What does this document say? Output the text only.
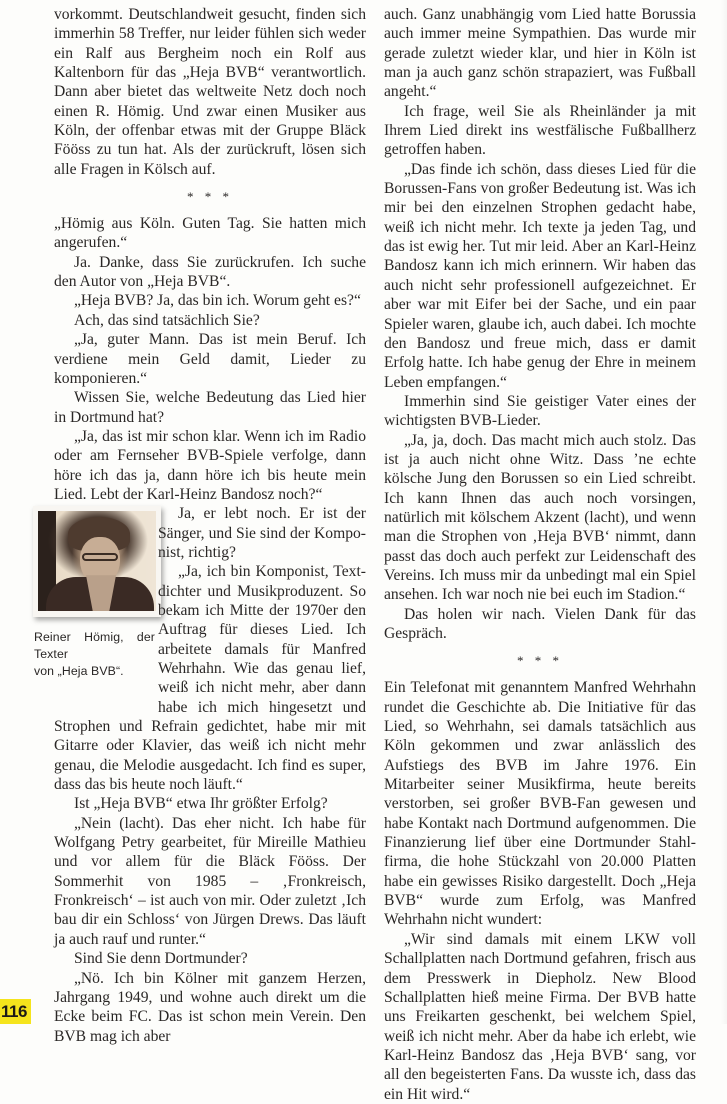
vorkommt. Deutschlandweit gesucht, finden sich immerhin 58 Treffer, nur leider fühlen sich weder ein Ralf aus Bergheim noch ein Rolf aus Kaltenborn für das „Heja BVB“ verantwortlich. Dann aber bietet das weltweite Netz doch noch einen R. Hömig. Und zwar einen Musiker aus Köln, der offenbar etwas mit der Gruppe Bläck Fööss zu tun hat. Als der zurückruft, lösen sich alle Fragen in Kölsch auf.

* * *

„Hömig aus Köln. Guten Tag. Sie hatten mich angerufen.“

Ja. Danke, dass Sie zurückrufen. Ich suche den Autor von „Heja BVB“.

„Heja BVB? Ja, das bin ich. Worum geht es?“

Ach, das sind tatsächlich Sie?

„Ja, guter Mann. Das ist mein Beruf. Ich verdiene mein Geld damit, Lieder zu komponieren.“

Wissen Sie, welche Bedeutung das Lied hier in Dortmund hat?

„Ja, das ist mir schon klar. Wenn ich im Radio oder am Fernseher BVB-Spiele verfolge, dann höre ich das ja, dann höre ich bis heute mein Lied. Lebt der Karl-Heinz Bandosz noch?“

Reiner Hömig, der Texter
von „Heja BVB“.

Ja, er lebt noch. Er ist der Sänger, und Sie sind der Komponist, richtig?

„Ja, ich bin Komponist, Textdichter und Musikproduzent. So bekam ich Mitte der 1970er den Auftrag für dieses Lied. Ich arbeitete damals für Manfred Wehrhahn. Wie das genau lief, weiß ich nicht mehr, aber dann habe ich mich hingesetzt und Strophen und Refrain gedichtet, habe mir mit Gitarre oder Klavier, das weiß ich nicht mehr genau, die Melodie ausgedacht. Ich find es super, dass das bis heute noch läuft.“

Ist „Heja BVB“ etwa Ihr größter Erfolg?

„Nein (lacht). Das eher nicht. Ich habe für Wolfgang Petry gearbeitet, für Mireille Mathieu und vor allem für die Bläck Fööss. Der Sommerhit von 1985 – ‚Fronkreisch, Fronkreisch‘ – ist auch von mir. Oder zuletzt ‚Ich bau dir ein Schloss‘ von Jürgen Drews. Das läuft ja auch rauf und runter.“

Sind Sie denn Dortmunder?

„Nö. Ich bin Kölner mit ganzem Herzen, Jahrgang 1949, und wohne auch direkt um die Ecke beim FC. Das ist schon mein Verein. Den BVB mag ich aber

auch. Ganz unabhängig vom Lied hatte Borussia auch immer meine Sympathien. Das wurde mir gerade zuletzt wieder klar, und hier in Köln ist man ja auch ganz schön strapaziert, was Fußball angeht.“

Ich frage, weil Sie als Rheinländer ja mit Ihrem Lied direkt ins westfälische Fußballherz getroffen haben.

„Das finde ich schön, dass dieses Lied für die Borussen-Fans von großer Bedeutung ist. Was ich mir bei den einzelnen Strophen gedacht habe, weiß ich nicht mehr. Ich texte ja jeden Tag, und das ist ewig her. Tut mir leid. Aber an Karl-Heinz Bandosz kann ich mich erinnern. Wir haben das auch nicht sehr professionell aufgezeichnet. Er aber war mit Eifer bei der Sache, und ein paar Spieler waren, glaube ich, auch dabei. Ich mochte den Bandosz und freue mich, dass er damit Erfolg hatte. Ich habe genug der Ehre in meinem Leben empfangen.“

Immerhin sind Sie geistiger Vater eines der wichtigsten BVB-Lieder.

„Ja, ja, doch. Das macht mich auch stolz. Das ist ja auch nicht ohne Witz. Dass ’ne echte kölsche Jung den Borussen so ein Lied schreibt. Ich kann Ihnen das auch noch vorsingen, natürlich mit kölschem Akzent (lacht), und wenn man die Strophen von ‚Heja BVB‘ nimmt, dann passt das doch auch perfekt zur Leidenschaft des Vereins. Ich muss mir da unbedingt mal ein Spiel ansehen. Ich war noch nie bei euch im Stadion.“

Das holen wir nach. Vielen Dank für das Gespräch.

* * *

Ein Telefonat mit genanntem Manfred Wehrhahn rundet die Geschichte ab. Die Initiative für das Lied, so Wehrhahn, sei damals tatsächlich aus Köln gekommen und zwar anlässlich des Aufstiegs des BVB im Jahre 1976. Ein Mitarbeiter seiner Musikfirma, heute bereits verstorben, sei großer BVB-Fan gewesen und habe Kontakt nach Dortmund aufgenommen. Die Finanzierung lief über eine Dortmunder Stahlfirma, die hohe Stückzahl von 20.000 Platten habe ein gewisses Risiko dargestellt. Doch „Heja BVB“ wurde zum Erfolg, was Manfred Wehrhahn nicht wundert:

„Wir sind damals mit einem LKW voll Schallplatten nach Dortmund gefahren, frisch aus dem Presswerk in Diepholz. New Blood Schallplatten hieß meine Firma. Der BVB hatte uns Freikarten geschenkt, bei welchem Spiel, weiß ich nicht mehr. Aber da habe ich erlebt, wie Karl-Heinz Bandosz das ‚Heja BVB‘ sang, vor all den begeisterten Fans. Da wusste ich, dass das ein Hit wird.“

116
